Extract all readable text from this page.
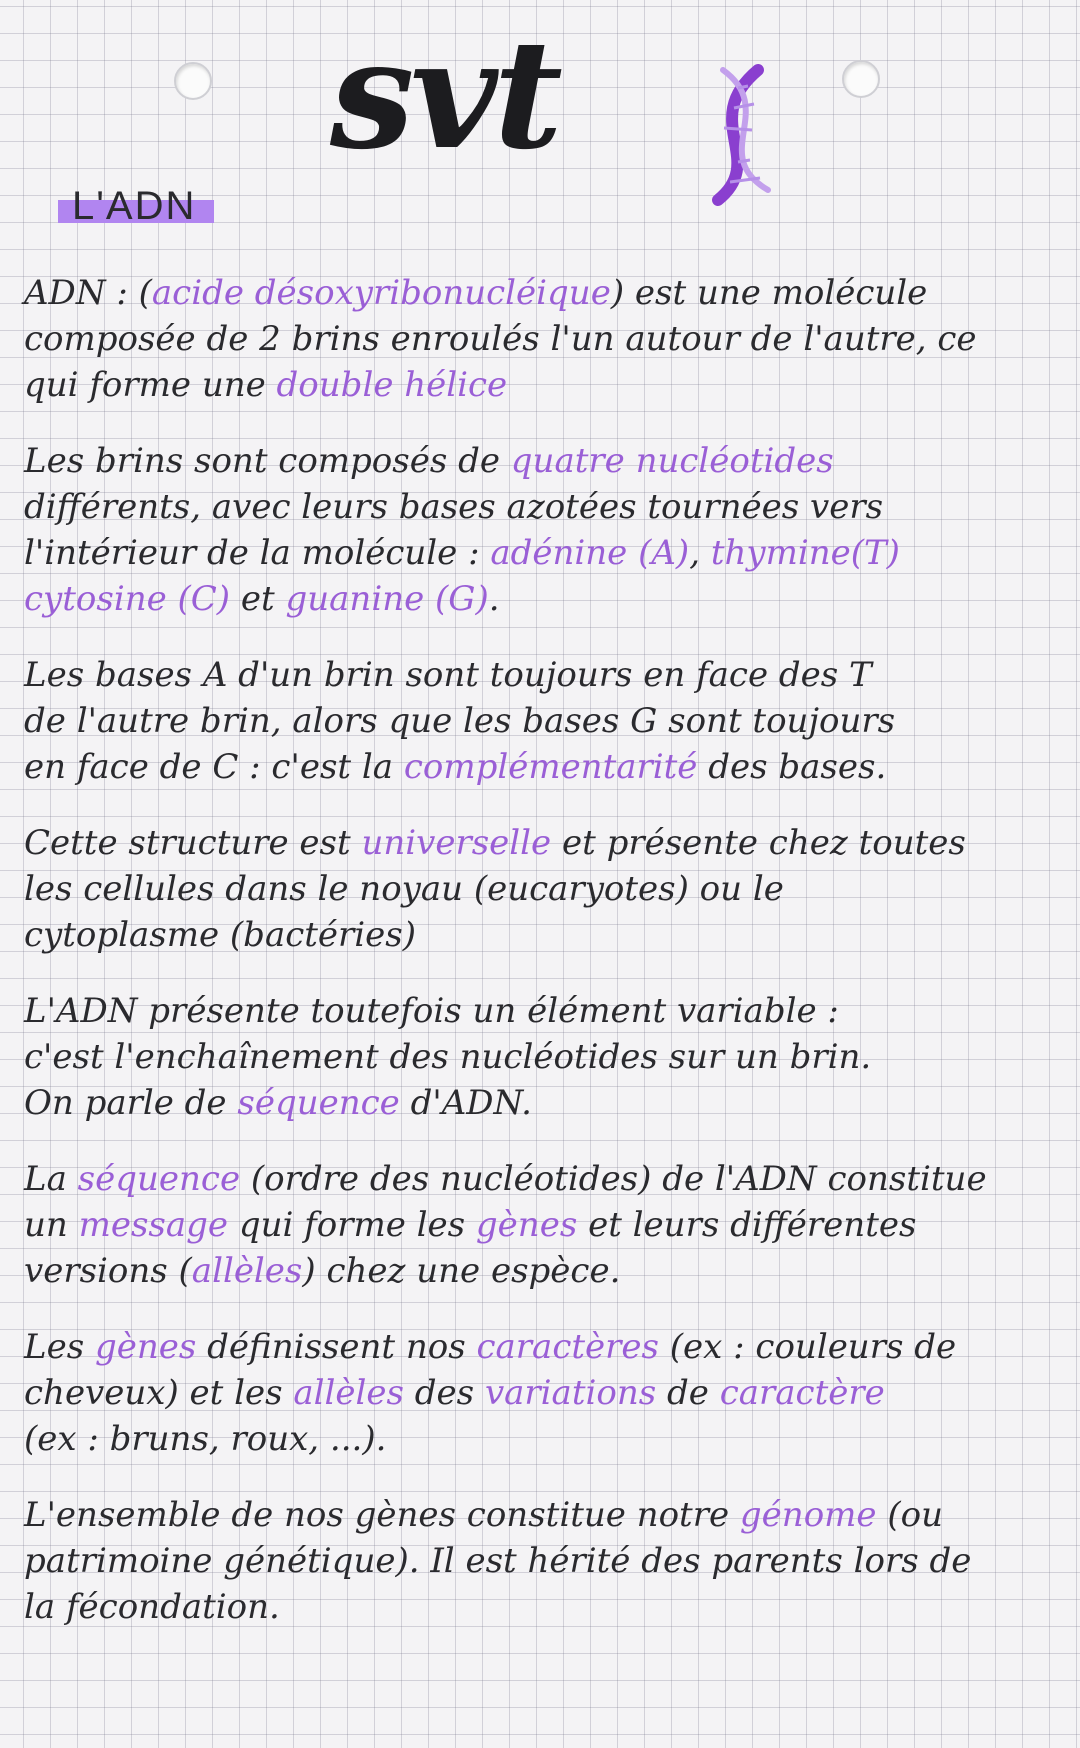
svt
L'ADN

ADN : (acide désoxyribonucléique) est une molécule
composée de 2 brins enroulés l'un autour de l'autre, ce
qui forme une double hélice

Les brins sont composés de quatre nucléotides
différents, avec leurs bases azotées tournées vers
l'intérieur de la molécule : adénine (A), thymine(T)
cytosine (C) et guanine (G).

Les bases A d'un brin sont toujours en face des T
de l'autre brin, alors que les bases G sont toujours
en face de C : c'est la complémentarité des bases.

Cette structure est universelle et présente chez toutes
les cellules dans le noyau (eucaryotes) ou le
cytoplasme (bactéries)

L'ADN présente toutefois un élément variable :
c'est l'enchaînement des nucléotides sur un brin.
On parle de séquence d'ADN.

La séquence (ordre des nucléotides) de l'ADN constitue
un message qui forme les gènes et leurs différentes
versions (allèles) chez une espèce.

Les gènes définissent nos caractères (ex : couleurs de
cheveux) et les allèles des variations de caractère
(ex : bruns, roux, ...).

L'ensemble de nos gènes constitue notre génome (ou
patrimoine génétique). Il est hérité des parents lors de
la fécondation.
